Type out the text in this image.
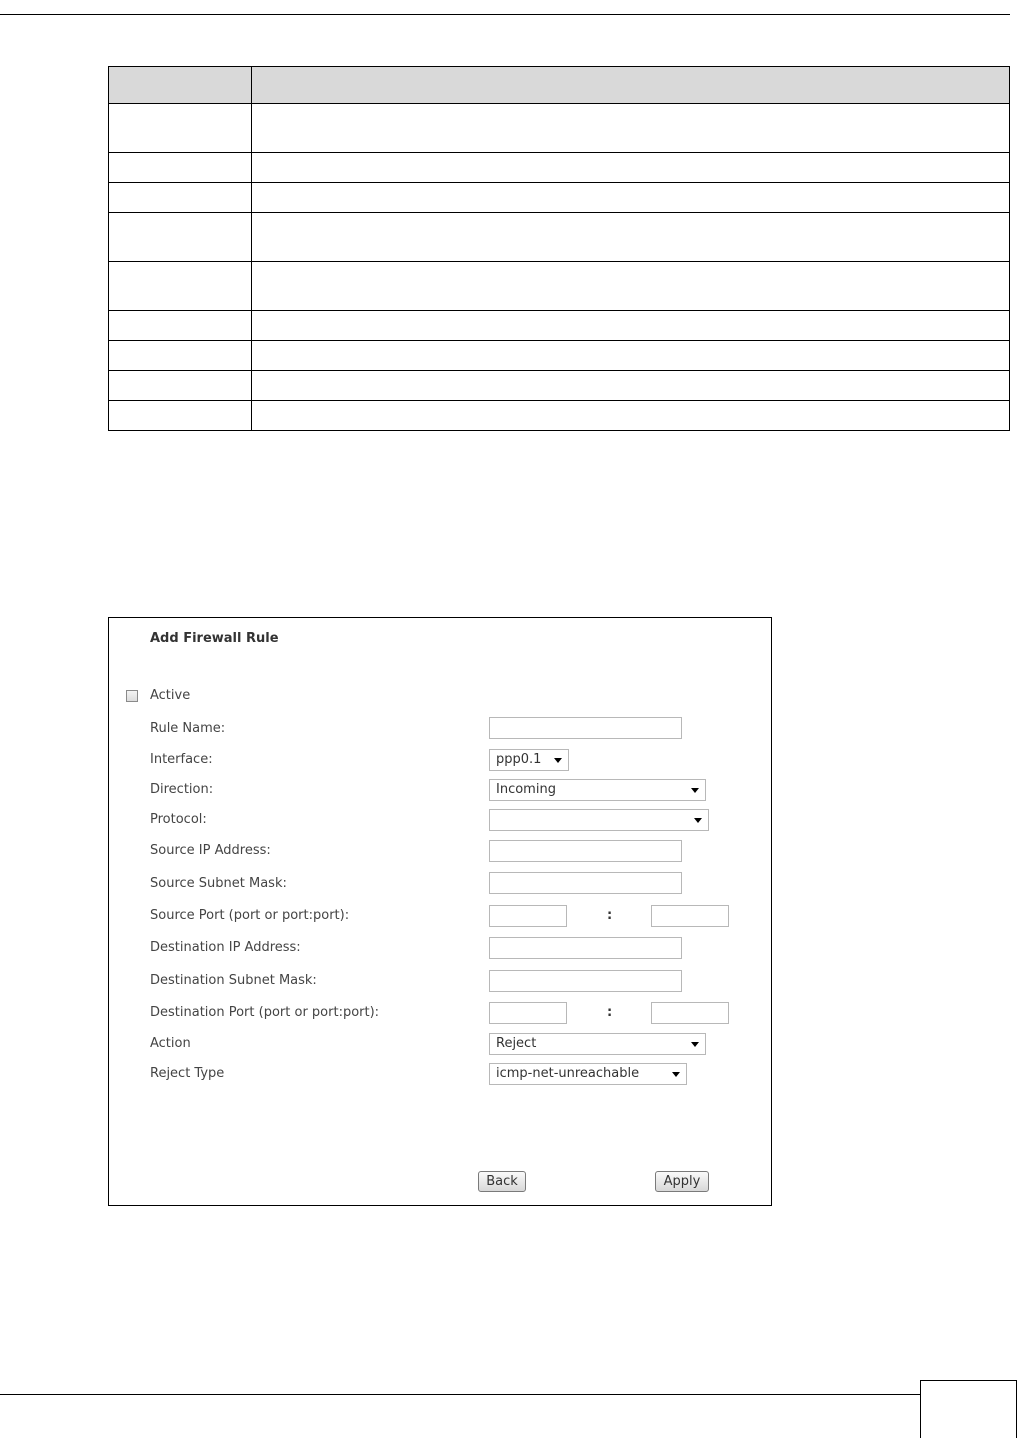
Add Firewall Rule
Active
Rule Name:
Interface:	ppp0.1
Direction:	Incoming
Protocol:
Source IP Address:
Source Subnet Mask:
Source Port (port or port:port):	:
Destination IP Address:
Destination Subnet Mask:
Destination Port (port or port:port):	:
Action	Reject
Reject Type	icmp-net-unreachable
Back	Apply
